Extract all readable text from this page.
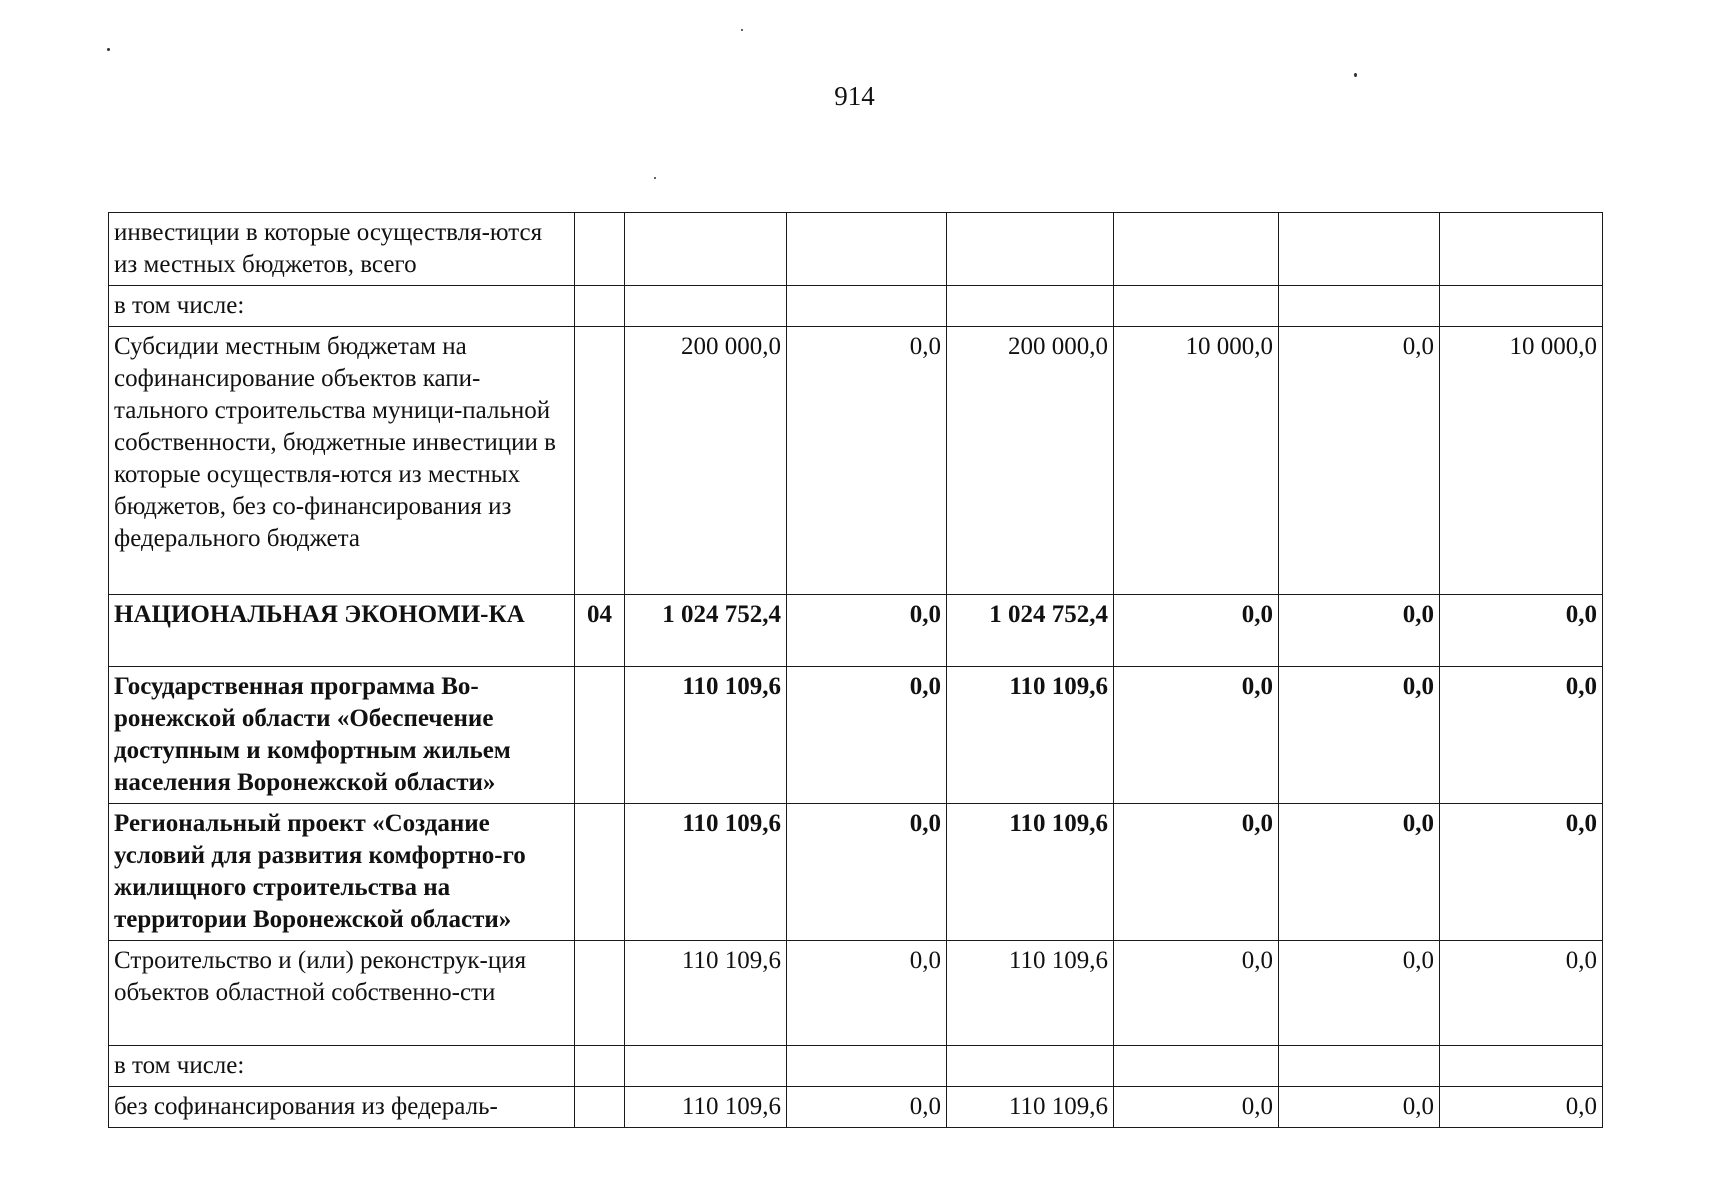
914
инвестиции в которые осуществля-ются из местных бюджетов, всего							
в том числе:							
Субсидии местным бюджетам на софинансирование объектов капи-тального строительства муници-пальной собственности, бюджетные инвестиции в которые осуществля-ются из местных бюджетов, без со-финансирования из федерального бюджета		200 000,0	0,0	200 000,0	10 000,0	0,0	10 000,0
НАЦИОНАЛЬНАЯ ЭКОНОМИ-КА	04	1 024 752,4	0,0	1 024 752,4	0,0	0,0	0,0
Государственная программа Во-ронежской области «Обеспечение доступным и комфортным жильем населения Воронежской области»		110 109,6	0,0	110 109,6	0,0	0,0	0,0
Региональный проект «Создание условий для развития комфортно-го жилищного строительства на территории Воронежской области»		110 109,6	0,0	110 109,6	0,0	0,0	0,0
Строительство и (или) реконструк-ция объектов областной собственно-сти		110 109,6	0,0	110 109,6	0,0	0,0	0,0
в том числе:							
без софинансирования из федераль-		110 109,6	0,0	110 109,6	0,0	0,0	0,0
